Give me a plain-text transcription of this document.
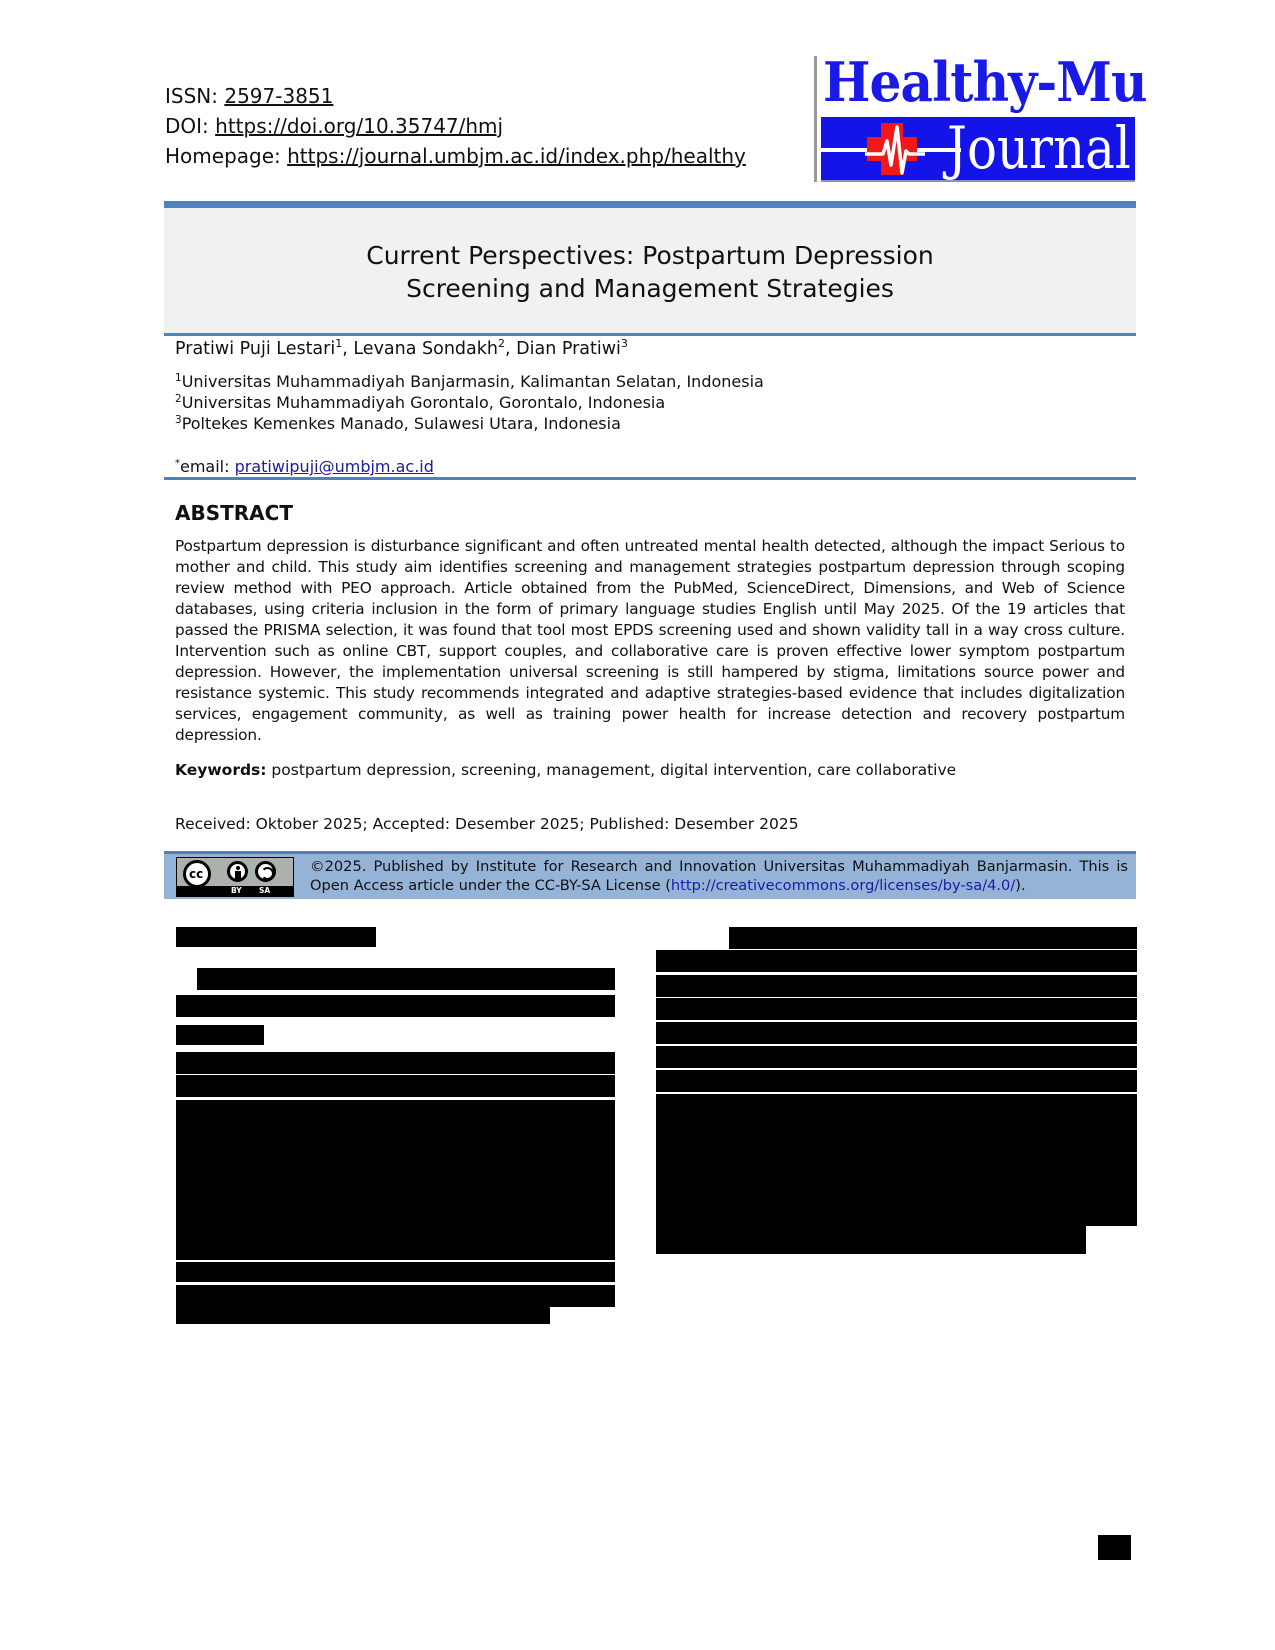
ISSN: 2597-3851
DOI: https://doi.org/10.35747/hmj
Homepage: https://journal.umbjm.ac.id/index.php/healthy
Healthy-Mu
Journal
Current Perspectives: Postpartum Depression
Screening and Management Strategies
Pratiwi Puji Lestari$^1$, Levana Sondakh$^2$, Dian Pratiwi$^3$
$^1$Universitas Muhammadiyah Banjarmasin, Kalimantan Selatan, Indonesia
$^2$Universitas Muhammadiyah Gorontalo, Gorontalo, Indonesia
$^3$Poltekes Kemenkes Manado, Sulawesi Utara, Indonesia
*email: pratiwipuji@umbjm.ac.id
ABSTRACT
Postpartum depression is disturbance significant and often untreated mental health detected, although the impact Serious to mother and child. This study aim identifies screening and management strategies postpartum depression through scoping review method with PEO approach. Article obtained from the PubMed, ScienceDirect, Dimensions, and Web of Science databases, using criteria inclusion in the form of primary language studies English until May 2025. Of the 19 articles that passed the PRISMA selection, it was found that tool most EPDS screening used and shown validity tall in a way cross culture. Intervention such as online CBT, support couples, and collaborative care is proven effective lower symptom postpartum depression. However, the implementation universal screening is still hampered by stigma, limitations source power and resistance systemic. This study recommends integrated and adaptive strategies-based evidence that includes digitalization services, engagement community, as well as training power health for increase detection and recovery postpartum depression.
Keywords: postpartum depression, screening, management, digital intervention, care collaborative
Received: Oktober 2025; Accepted: Desember 2025; Published: Desember 2025
cc
BY SA
©2025. Published by Institute for Research and Innovation Universitas Muhammadiyah Banjarmasin. This is Open Access article under the CC-BY-SA License (http://creativecommons.org/licenses/by-sa/4.0/).
